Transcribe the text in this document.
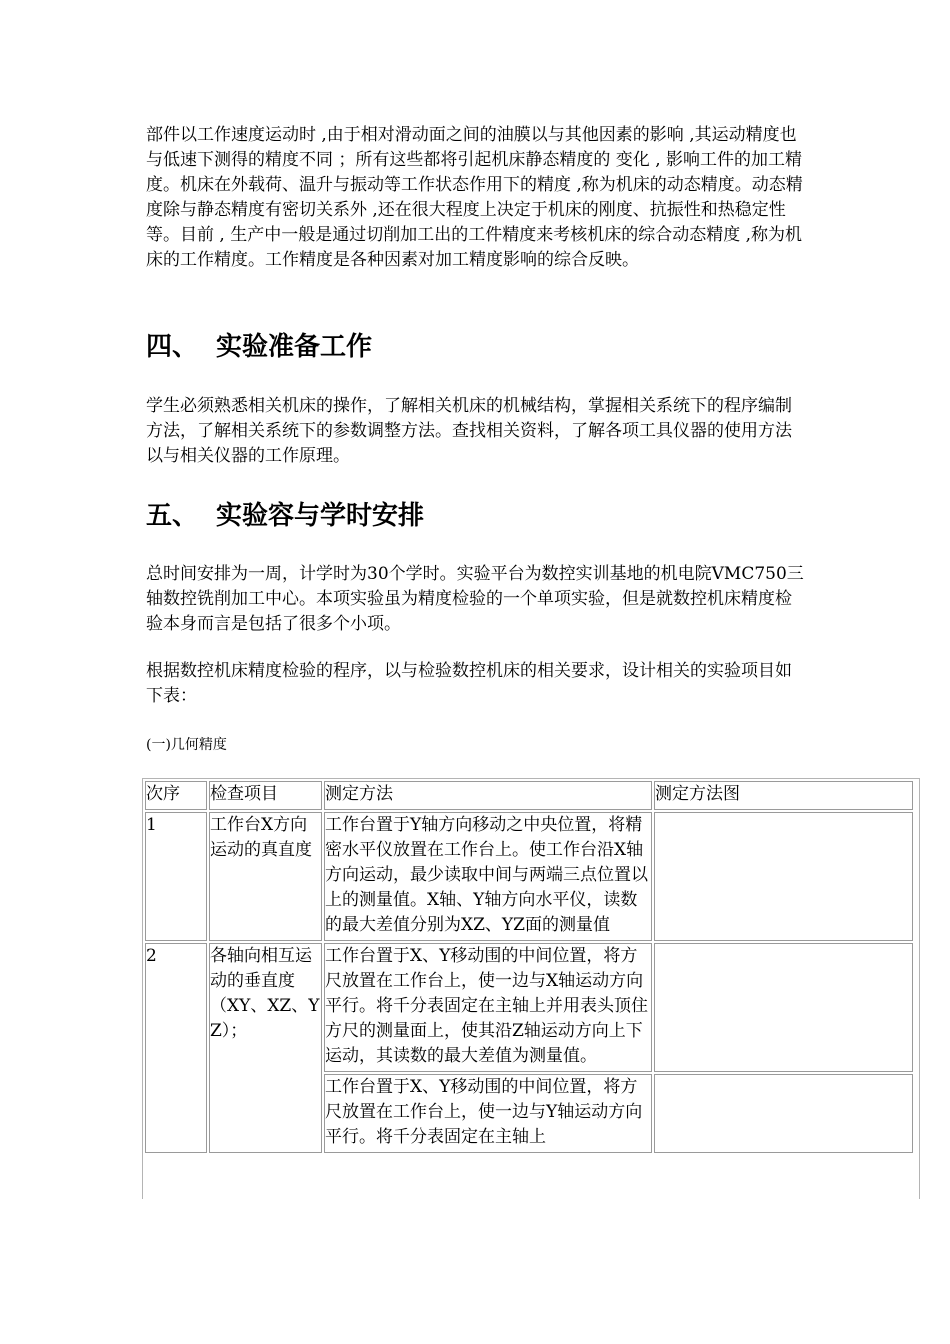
部件以工作速度运动时 ,由于相对滑动面之间的油膜以与其他因素的影响 ,其运动精度也与低速下测得的精度不同 ；所有这些都将引起机床静态精度的 变化 , 影响工件的加工精度。机床在外载荷、温升与振动等工作状态作用下的精度 ,称为机床的动态精度。动态精度除与静态精度有密切关系外 ,还在很大程度上决定于机床的刚度、抗振性和热稳定性等。目前 , 生产中一般是通过切削加工出的工件精度来考核机床的综合动态精度 ,称为机床的工作精度。工作精度是各种因素对加工精度影响的综合反映。

四、 实验准备工作

学生必须熟悉相关机床的操作，了解相关机床的机械结构，掌握相关系统下的程序编制方法，了解相关系统下的参数调整方法。查找相关资料，了解各项工具仪器的使用方法以与相关仪器的工作原理。

五、 实验容与学时安排

总时间安排为一周，计学时为30个学时。实验平台为数控实训基地的机电院VMC750三轴数控铣削加工中心。本项实验虽为精度检验的一个单项实验，但是就数控机床精度检验本身而言是包括了很多个小项。

根据数控机床精度检验的程序，以与检验数控机床的相关要求，设计相关的实验项目如下表：

(一)几何精度

次序	检查项目	测定方法	测定方法图
1	工作台X方向运动的真直度	工作台置于Y轴方向移动之中央位置，将精密水平仪放置在工作台上。使工作台沿X轴方向运动，最少读取中间与两端三点位置以上的测量值。X轴、Y轴方向水平仪，读数的最大差值分别为XZ、YZ面的测量值	
2	各轴向相互运动的垂直度（XY、XZ、YZ）；	工作台置于X、Y移动围的中间位置，将方尺放置在工作台上，使一边与X轴运动方向平行。将千分表固定在主轴上并用表头顶住方尺的测量面上，使其沿Z轴运动方向上下运动，其读数的最大差值为测量值。	
		工作台置于X、Y移动围的中间位置，将方尺放置在工作台上，使一边与Y轴运动方向平行。将千分表固定在主轴上	
